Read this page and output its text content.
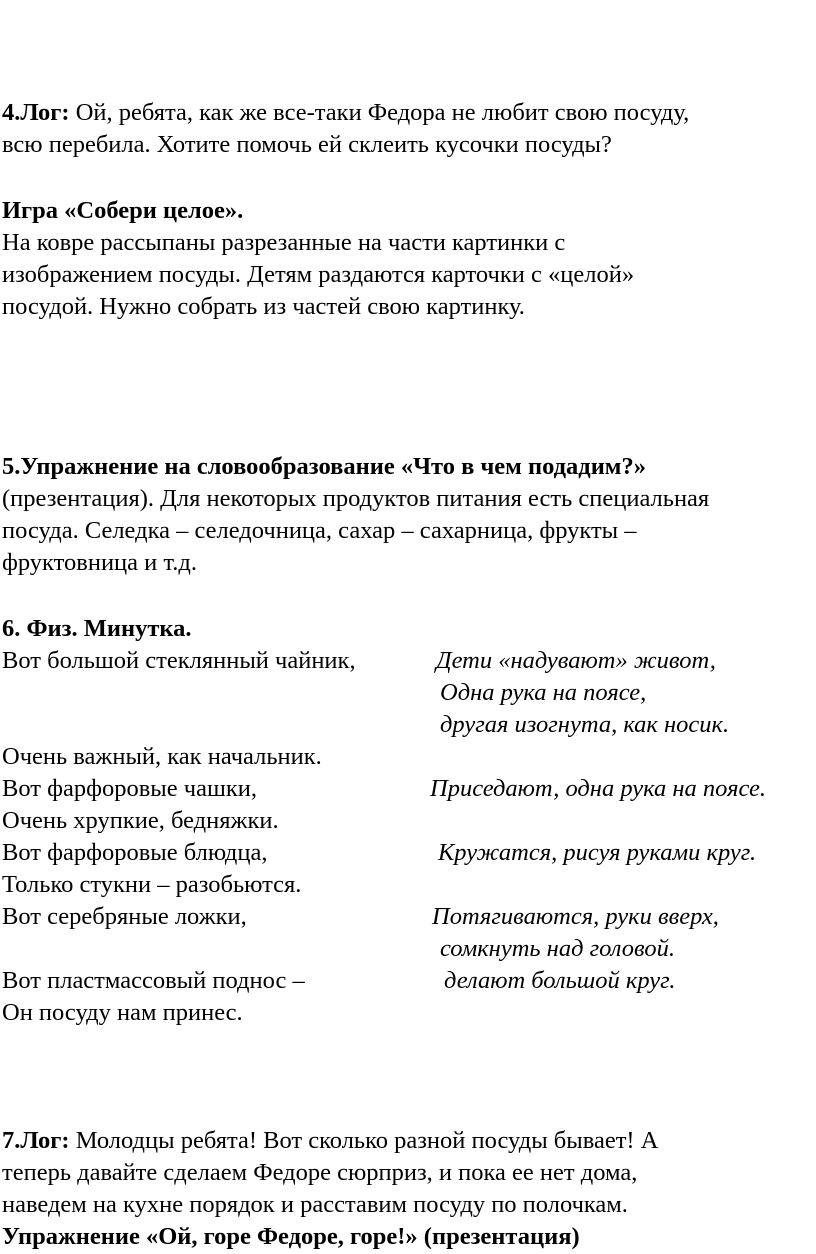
4.Лог: Ой, ребята, как же все-таки Федора не любит свою посуду,
всю перебила. Хотите помочь ей склеить кусочки посуды?
Игра «Собери целое».
На ковре рассыпаны разрезанные на части картинки с
изображением посуды. Детям раздаются карточки с «целой»
посудой. Нужно собрать из частей свою картинку.
5.Упражнение на словообразование «Что в чем подадим?»
(презентация). Для некоторых продуктов питания есть специальная
посуда. Селедка – селедочница, сахар – сахарница, фрукты –
фруктовница и т.д.
6. Физ. Минутка.
Вот большой стеклянный чайник,	Дети «надувают» живот,
Одна рука на поясе,
другая изогнута, как носик.
Очень важный, как начальник.
Вот фарфоровые чашки,	Приседают, одна рука на поясе.
Очень хрупкие, бедняжки.
Вот фарфоровые блюдца,	Кружатся, рисуя руками круг.
Только стукни – разобьются.
Вот серебряные ложки,	Потягиваются, руки вверх,
сомкнуть над головой.
Вот пластмассовый поднос –	делают большой круг.
Он посуду нам принес.
7.Лог: Молодцы ребята! Вот сколько разной посуды бывает! А
теперь давайте сделаем Федоре сюрприз, и пока ее нет дома,
наведем на кухне порядок и расставим посуду по полочкам.
Упражнение «Ой, горе Федоре, горе!» (презентация)
